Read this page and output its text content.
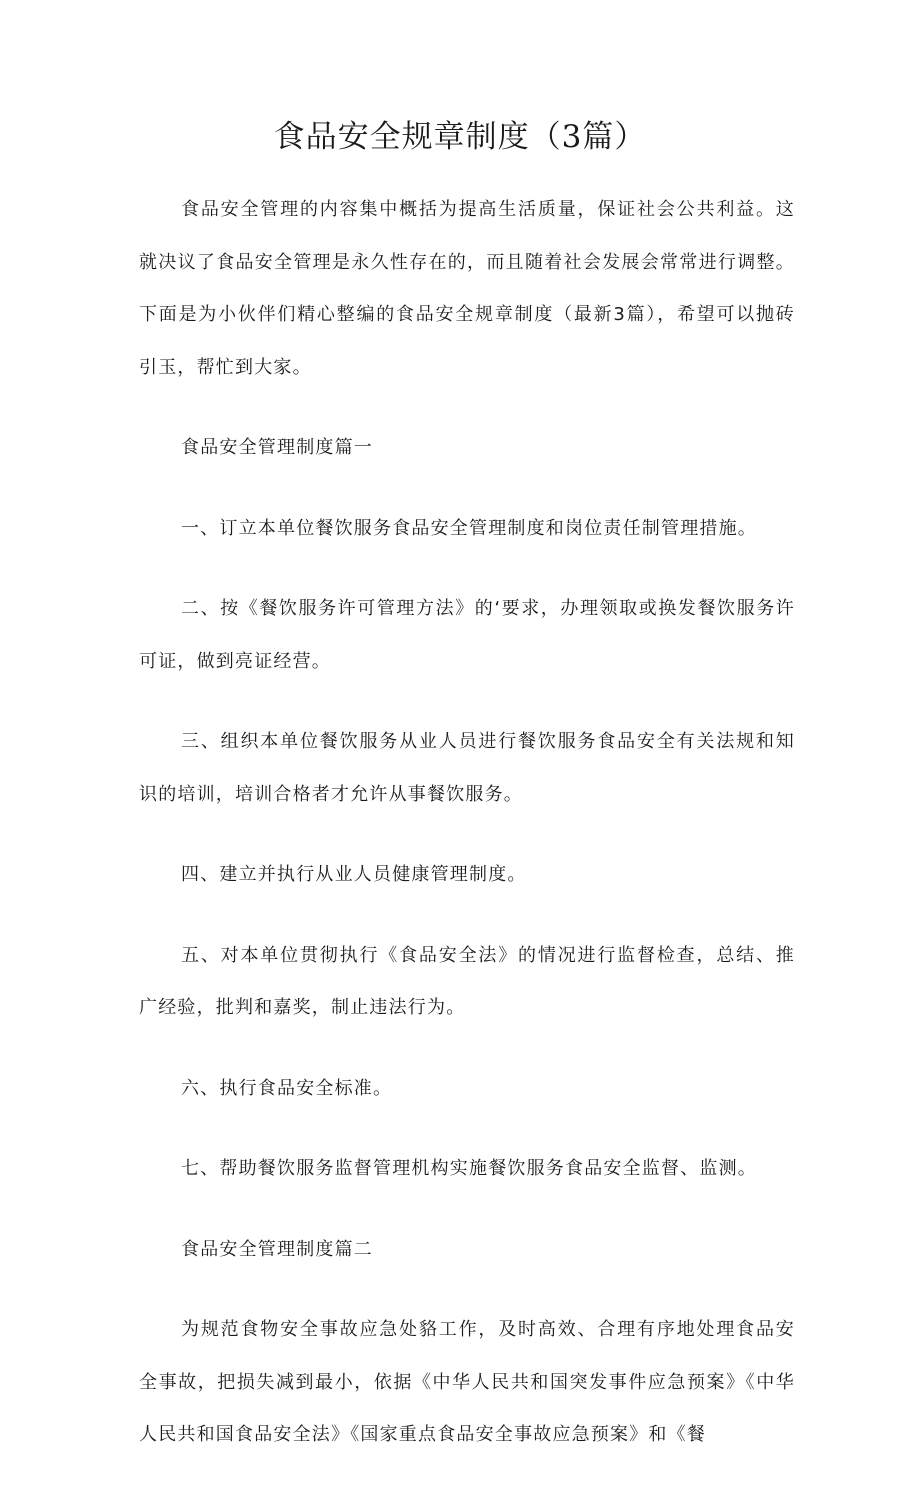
食品安全规章制度（3篇）

食品安全管理的内容集中概括为提高生活质量，保证社会公共利益。这就决议了食品安全管理是永久性存在的，而且随着社会发展会常常进行调整。下面是为小伙伴们精心整编的食品安全规章制度（最新3篇），希望可以抛砖引玉，帮忙到大家。

食品安全管理制度篇一

一、订立本单位餐饮服务食品安全管理制度和岗位责任制管理措施。

二、按《餐饮服务许可管理方法》的‘要求，办理领取或换发餐饮服务许可证，做到亮证经营。

三、组织本单位餐饮服务从业人员进行餐饮服务食品安全有关法规和知识的培训，培训合格者才允许从事餐饮服务。

四、建立并执行从业人员健康管理制度。

五、对本单位贯彻执行《食品安全法》的情况进行监督检查，总结、推广经验，批判和嘉奖，制止违法行为。

六、执行食品安全标准。

七、帮助餐饮服务监督管理机构实施餐饮服务食品安全监督、监测。

食品安全管理制度篇二

为规范食物安全事故应急处貉工作，及时高效、合理有序地处理食品安全事故，把损失减到最小，依据《中华人民共和国突发事件应急预案》《中华人民共和国食品安全法》《国家重点食品安全事故应急预案》和《餐
